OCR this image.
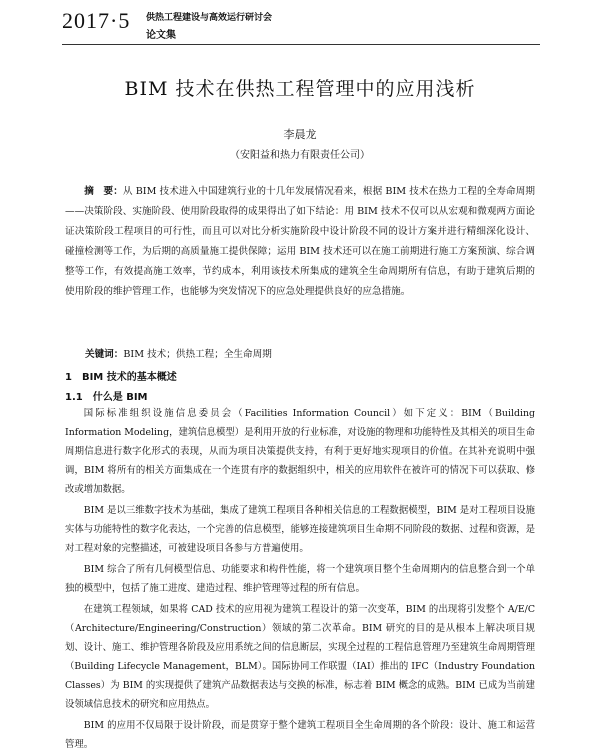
2017·5 供热工程建设与高效运行研讨会
论文集
BIM 技术在供热工程管理中的应用浅析
李晨龙
（安阳益和热力有限责任公司）
摘　要：从 BIM 技术进入中国建筑行业的十几年发展情况看来，根据 BIM 技术在热力工程的全寿命周期——决策阶段、实施阶段、使用阶段取得的成果得出了如下结论：用 BIM 技术不仅可以从宏观和微观两方面论证决策阶段工程项目的可行性，而且可以对比分析实施阶段中设计阶段不同的设计方案并进行精细深化设计、碰撞检测等工作，为后期的高质量施工提供保障；运用 BIM 技术还可以在施工前期进行施工方案预演、综合调整等工作，有效提高施工效率，节约成本，利用该技术所集成的建筑全生命周期所有信息，有助于建筑后期的使用阶段的维护管理工作，也能够为突发情况下的应急处理提供良好的应急措施。
关键词：BIM 技术；供热工程；全生命周期
1　BIM 技术的基本概述
1.1　什么是 BIM

国际标准组织设施信息委员会（Facilities Information Council）如下定义：BIM（Building Information Modeling，建筑信息模型）是利用开放的行业标准，对设施的物理和功能特性及其相关的项目生命周期信息进行数字化形式的表现，从而为项目决策提供支持，有利于更好地实现项目的价值。在其补充说明中强调，BIM 将所有的相关方面集成在一个连贯有序的数据组织中，相关的应用软件在被许可的情况下可以获取、修改或增加数据。

BIM 是以三维数字技术为基础，集成了建筑工程项目各种相关信息的工程数据模型，BIM 是对工程项目设施实体与功能特性的数字化表达，一个完善的信息模型，能够连接建筑项目生命期不同阶段的数据、过程和资源，是对工程对象的完整描述，可被建设项目各参与方普遍使用。

BIM 综合了所有几何模型信息、功能要求和构件性能，将一个建筑项目整个生命周期内的信息整合到一个单独的模型中，包括了施工进度、建造过程、维护管理等过程的所有信息。

在建筑工程领域，如果将 CAD 技术的应用视为建筑工程设计的第一次变革，BIM 的出现将引发整个 A/E/C（Architecture/Engineering/Construction）领域的第二次革命。BIM 研究的目的是从根本上解决项目规划、设计、施工、维护管理各阶段及应用系统之间的信息断层，实现全过程的工程信息管理乃至建筑生命周期管理（Building Lifecycle Management，BLM）。国际协同工作联盟（IAI）推出的 IFC（Industry Foundation Classes）为 BIM 的实现提供了建筑产品数据表达与交换的标准，标志着 BIM 概念的成熟。BIM 已成为当前建设领域信息技术的研究和应用热点。

BIM 的应用不仅局限于设计阶段，而是贯穿于整个建筑工程项目全生命周期的各个阶段：设计、施工和运营管理。
